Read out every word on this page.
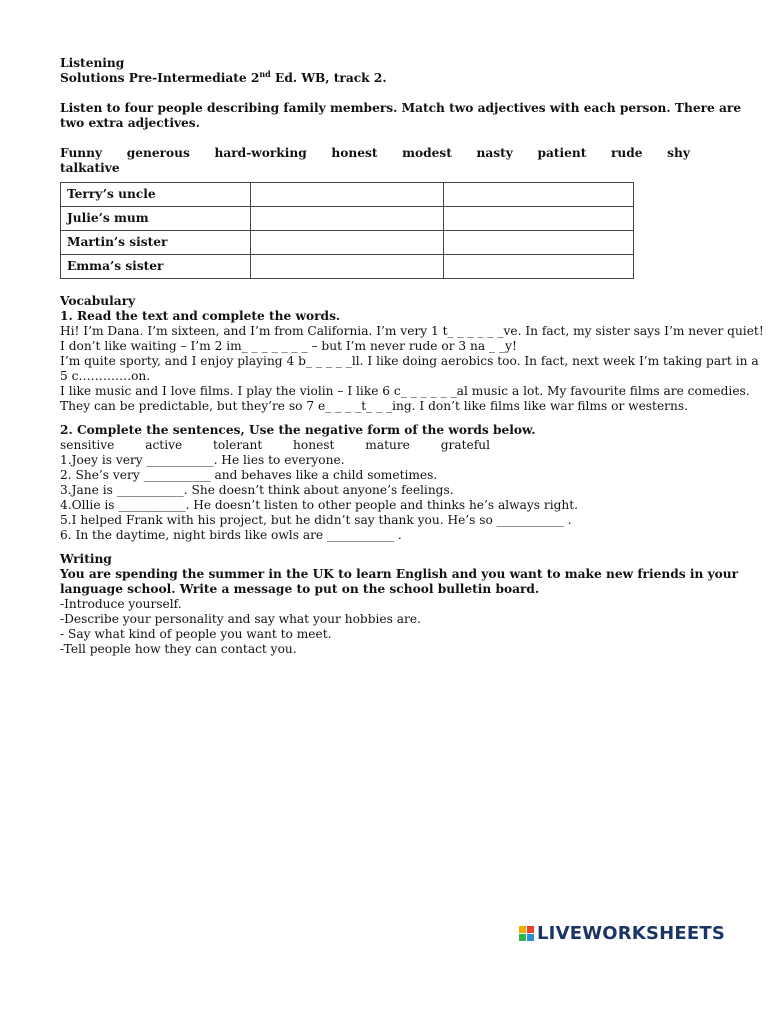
Listening
Solutions Pre-Intermediate 2nd Ed. WB, track 2.
Listen to four people describing family members. Match two adjectives with each person. There are
two extra adjectives.
Funny generous hard-working honest modest nasty patient rude shy
talkative
Terry’s uncle		
Julie’s mum		
Martin’s sister		
Emma’s sister		
Vocabulary
1. Read the text and complete the words.
Hi! I’m Dana. I’m sixteen, and I’m from California. I’m very 1 t_ _ _ _ _ _ve. In fact, my sister says I’m never quiet!
I don’t like waiting – I’m 2 im_ _ _ _ _ _ _ – but I’m never rude or 3 na _ _y!
I’m quite sporty, and I enjoy playing 4 b_ _ _ _ _ll. I like doing aerobics too. In fact, next week I’m taking part in a
5 c………….on.
I like music and I love films. I play the violin – I like 6 c_ _ _ _ _ _al music a lot. My favourite films are comedies.
They can be predictable, but they’re so 7 e_ _ _ _t_ _ _ing. I don’t like films like war films or westerns.
2. Complete the sentences, Use the negative form of the words below.
sensitive	active	tolerant	honest	mature	grateful
1.Joey is very ___________. He lies to everyone.
2. She’s very ___________ and behaves like a child sometimes.
3.Jane is ___________. She doesn’t think about anyone’s feelings.
4.Ollie is ___________. He doesn’t listen to other people and thinks he’s always right.
5.I helped Frank with his project, but he didn’t say thank you. He’s so ___________ .
6. In the daytime, night birds like owls are ___________ .
Writing
You are spending the summer in the UK to learn English and you want to make new friends in your
language school. Write a message to put on the school bulletin board.
-Introduce yourself.
-Describe your personality and say what your hobbies are.
- Say what kind of people you want to meet.
-Tell people how they can contact you.
LIVEWORKSHEETS
